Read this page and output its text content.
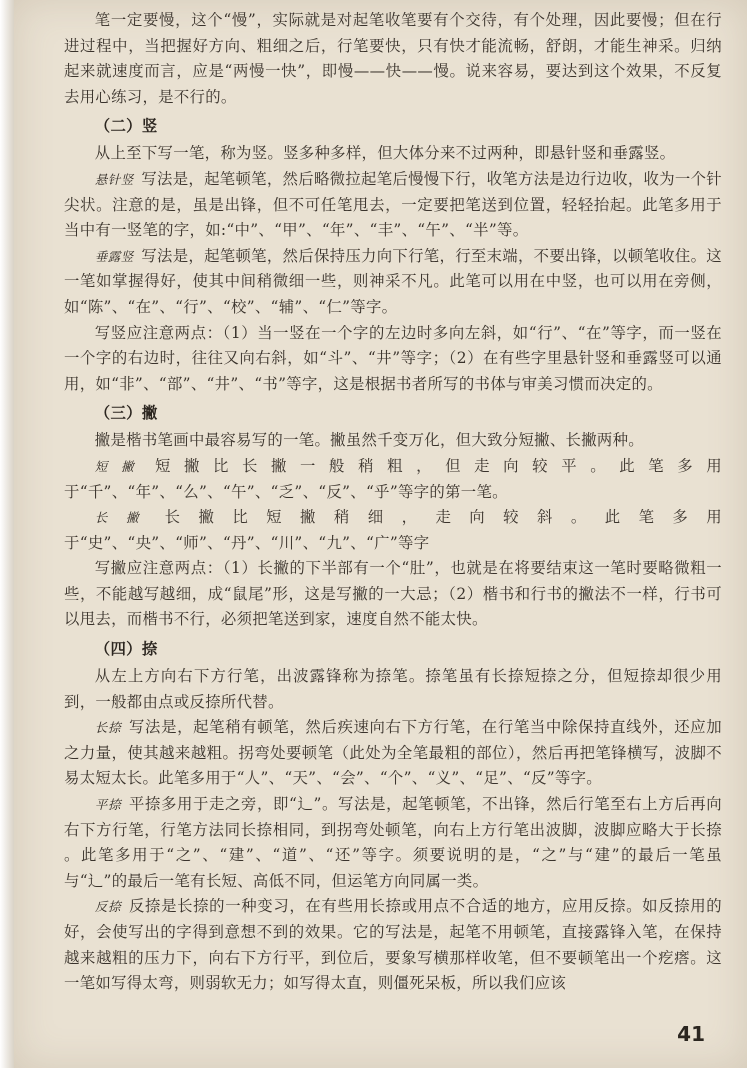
笔一定要慢，这个“慢”，实际就是对起笔收笔要有个交待，有个处理，因此要慢；但在行进过程中，当把握好方向、粗细之后，行笔要快，只有快才能流畅，舒朗，才能生神采。归纳起来就速度而言，应是“两慢一快”，即慢——快——慢。说来容易，要达到这个效果，不反复去用心练习，是不行的。

（二）竖

从上至下写一笔，称为竖。竖多种多样，但大体分来不过两种，即悬针竖和垂露竖。

悬针竖 写法是，起笔顿笔，然后略微拉起笔后慢慢下行，收笔方法是边行边收，收为一个针尖状。注意的是，虽是出锋，但不可任笔甩去，一定要把笔送到位置，轻轻抬起。此笔多用于当中有一竖笔的字，如:“中”、“甲”、“年”、“丰”、“午”、“半”等。

垂露竖 写法是，起笔顿笔，然后保持压力向下行笔，行至末端，不要出锋，以顿笔收住。这一笔如掌握得好，使其中间稍微细一些，则神采不凡。此笔可以用在中竖，也可以用在旁侧，如“陈”、“在”、“行”、“校”、“辅”、“仁”等字。

写竖应注意两点：（1）当一竖在一个字的左边时多向左斜，如“行”、“在”等字，而一竖在一个字的右边时，往往又向右斜，如“斗”、“井”等字；（2）在有些字里悬针竖和垂露竖可以通用，如“非”、“部”、“井”、“书”等字，这是根据书者所写的书体与审美习惯而决定的。

（三）撇

撇是楷书笔画中最容易写的一笔。撇虽然千变万化，但大致分短撇、长撇两种。

短撇 短撇比长撇一般稍粗，但走向较平。此笔多用于“千”、“年”、“么”、“午”、“乏”、“反”、“乎”等字的第一笔。

长撇 长撇比短撇稍细，走向较斜。此笔多用于“史”、“央”、“师”、“丹”、“川”、“九”、“广”等字

写撇应注意两点：（1）长撇的下半部有一个“肚”，也就是在将要结束这一笔时要略微粗一些，不能越写越细，成“鼠尾”形，这是写撇的一大忌；（2）楷书和行书的撇法不一样，行书可以甩去，而楷书不行，必须把笔送到家，速度自然不能太快。

（四）捺

从左上方向右下方行笔，出波露锋称为捺笔。捺笔虽有长捺短捺之分，但短捺却很少用到，一般都由点或反捺所代替。

长捺 写法是，起笔稍有顿笔，然后疾速向右下方行笔，在行笔当中除保持直线外，还应加之力量，使其越来越粗。拐弯处要顿笔（此处为全笔最粗的部位），然后再把笔锋横写，波脚不易太短太长。此笔多用于“人”、“天”、“会”、“个”、“义”、“足”、“反”等字。

平捺 平捺多用于走之旁，即“辶”。写法是，起笔顿笔，不出锋，然后行笔至右上方后再向右下方行笔，行笔方法同长捺相同，到拐弯处顿笔，向右上方行笔出波脚，波脚应略大于长捺 。此笔多用于“之”、“建”、“道”、“还”等字。须要说明的是，“之”与“建”的最后一笔虽与“辶”的最后一笔有长短、高低不同，但运笔方向同属一类。

反捺 反捺是长捺的一种变习，在有些用长捺或用点不合适的地方，应用反捺。如反捺用的好，会使写出的字得到意想不到的效果。它的写法是，起笔不用顿笔，直接露锋入笔，在保持越来越粗的压力下，向右下方行平，到位后，要象写横那样收笔，但不要顿笔出一个疙瘩。这一笔如写得太弯，则弱软无力；如写得太直，则僵死呆板，所以我们应该

41
